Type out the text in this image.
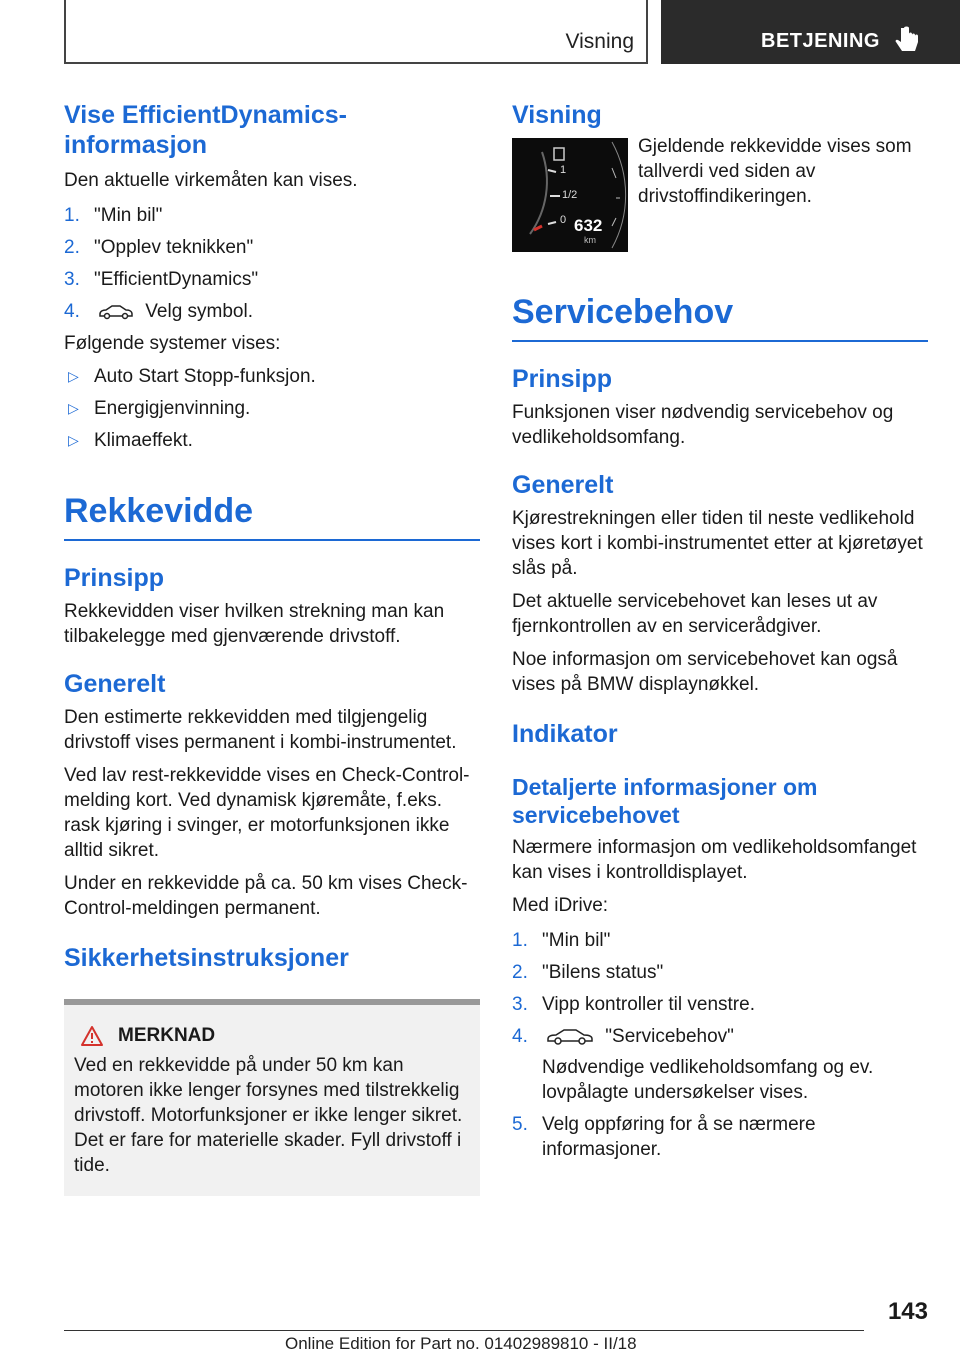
Visning	BETJENING
Vise EfficientDynamics-informasjon

Den aktuelle virkemåten kan vises.

1. "Min bil"
2. "Opplev teknikken"
3. "EfficientDynamics"
4.	Velg symbol.

Følgende systemer vises:

▷ Auto Start Stopp-funksjon.
▷ Energigjenvinning.
▷ Klimaeffekt.
Rekkevidde
Prinsipp

Rekkevidden viser hvilken strekning man kan tilbakelegge med gjenværende drivstoff.

Generelt

Den estimerte rekkevidden med tilgjengelig drivstoff vises permanent i kombi-instrumentet.

Ved lav rest-rekkevidde vises en Check-Control-melding kort. Ved dynamisk kjøremåte, f.eks. rask kjøring i svinger, er motorfunksjonen ikke alltid sikret.

Under en rekkevidde på ca. 50 km vises Check-Control-meldingen permanent.

Sikkerhetsinstruksjoner
MERKNAD

Ved en rekkevidde på under 50 km kan motoren ikke lenger forsynes med tilstrekkelig drivstoff. Motorfunksjoner er ikke lenger sikret. Det er fare for materielle skader. Fyll drivstoff i tide.

Visning
1
1/2
0 632
km

Gjeldende rekkevidde vises som tallverdi ved siden av drivstoffindikeringen.

Servicebehov
Prinsipp

Funksjonen viser nødvendig servicebehov og vedlikeholdsomfang.

Generelt

Kjørestrekningen eller tiden til neste vedlikehold vises kort i kombi-instrumentet etter at kjøretøyet slås på.

Det aktuelle servicebehovet kan leses ut av fjernkontrollen av en servicerådgiver.

Noe informasjon om servicebehovet kan også vises på BMW displaynøkkel.

Indikator
Detaljerte informasjoner om servicebehovet

Nærmere informasjon om vedlikeholdsomfanget kan vises i kontrolldisplayet.

Med iDrive:

1. "Min bil"
2. "Bilens status"
3. Vipp kontroller til venstre.
4.	"Servicebehov"
Nødvendige vedlikeholdsomfang og ev. lovpålagte undersøkelser vises.
5. Velg oppføring for å se nærmere informasjoner.
143
Online Edition for Part no. 01402989810 - II/18
